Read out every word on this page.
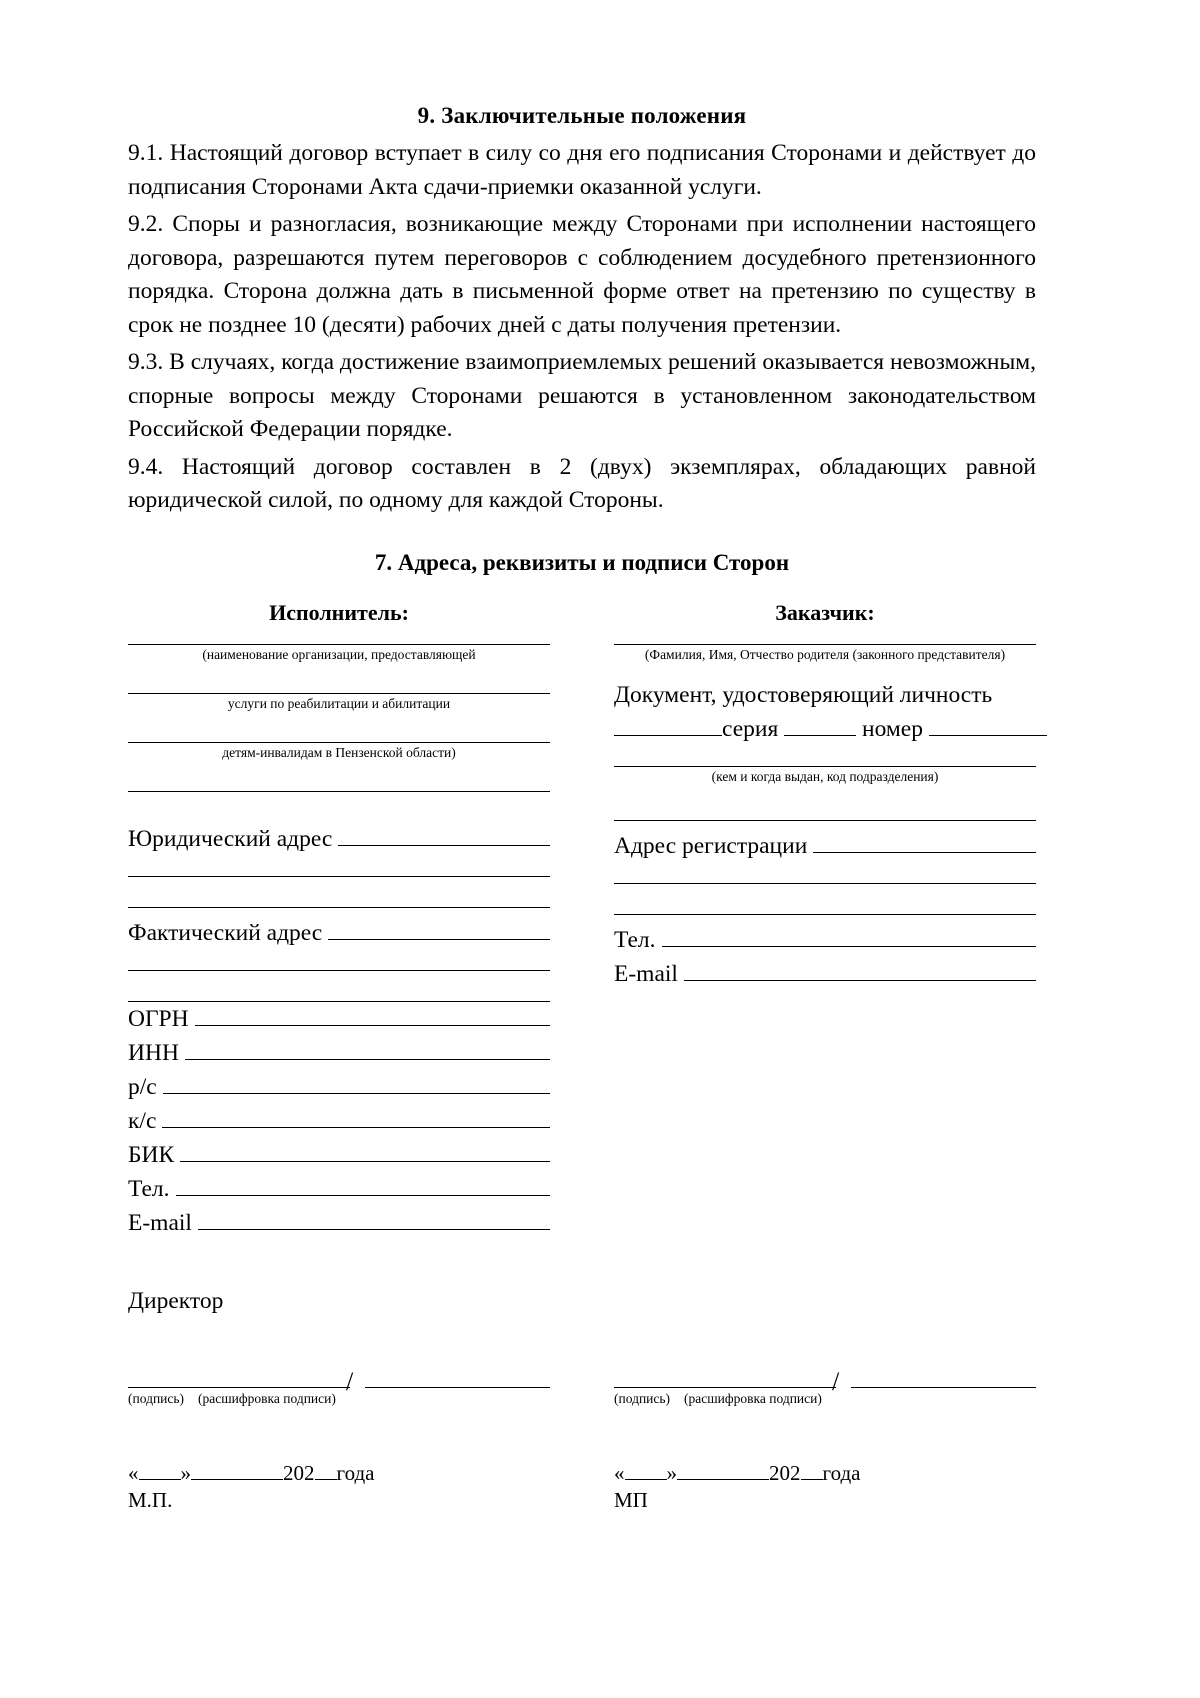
9. Заключительные положения

9.1. Настоящий договор вступает в силу со дня его подписания Сторонами и действует до подписания Сторонами Акта сдачи-приемки оказанной услуги.

9.2. Споры и разногласия, возникающие между Сторонами при исполнении настоящего договора, разрешаются путем переговоров с соблюдением досудебного претензионного порядка. Сторона должна дать в письменной форме ответ на претензию по существу в срок не позднее 10 (десяти) рабочих дней с даты получения претензии.

9.3. В случаях, когда достижение взаимоприемлемых решений оказывается невозможным, спорные вопросы между Сторонами решаются в установленном законодательством Российской Федерации порядке.

9.4. Настоящий договор составлен в 2 (двух) экземплярах, обладающих равной юридической силой, по одному для каждой Стороны.

7. Адреса, реквизиты и подписи Сторон
Исполнитель:
(наименование организации, предоставляющей
услуги по реабилитации и абилитации
детям-инвалидам в Пензенской области)
Юридический адрес
Фактический адрес
ОГРН
ИНН
р/с
к/с
БИК
Тел.
E-mail
Директор
Заказчик:
(Фамилия, Имя, Отчество родителя (законного представителя)

Документ, удостоверяющий личность

серия	номер
(кем и когда выдан, код подразделения)
Адрес регистрации
Тел.
E-mail
/
(подпись) (расшифровка подписи)
« »	202 года
М.П.
/
(подпись) (расшифровка подписи)
« »	202 года
МП
